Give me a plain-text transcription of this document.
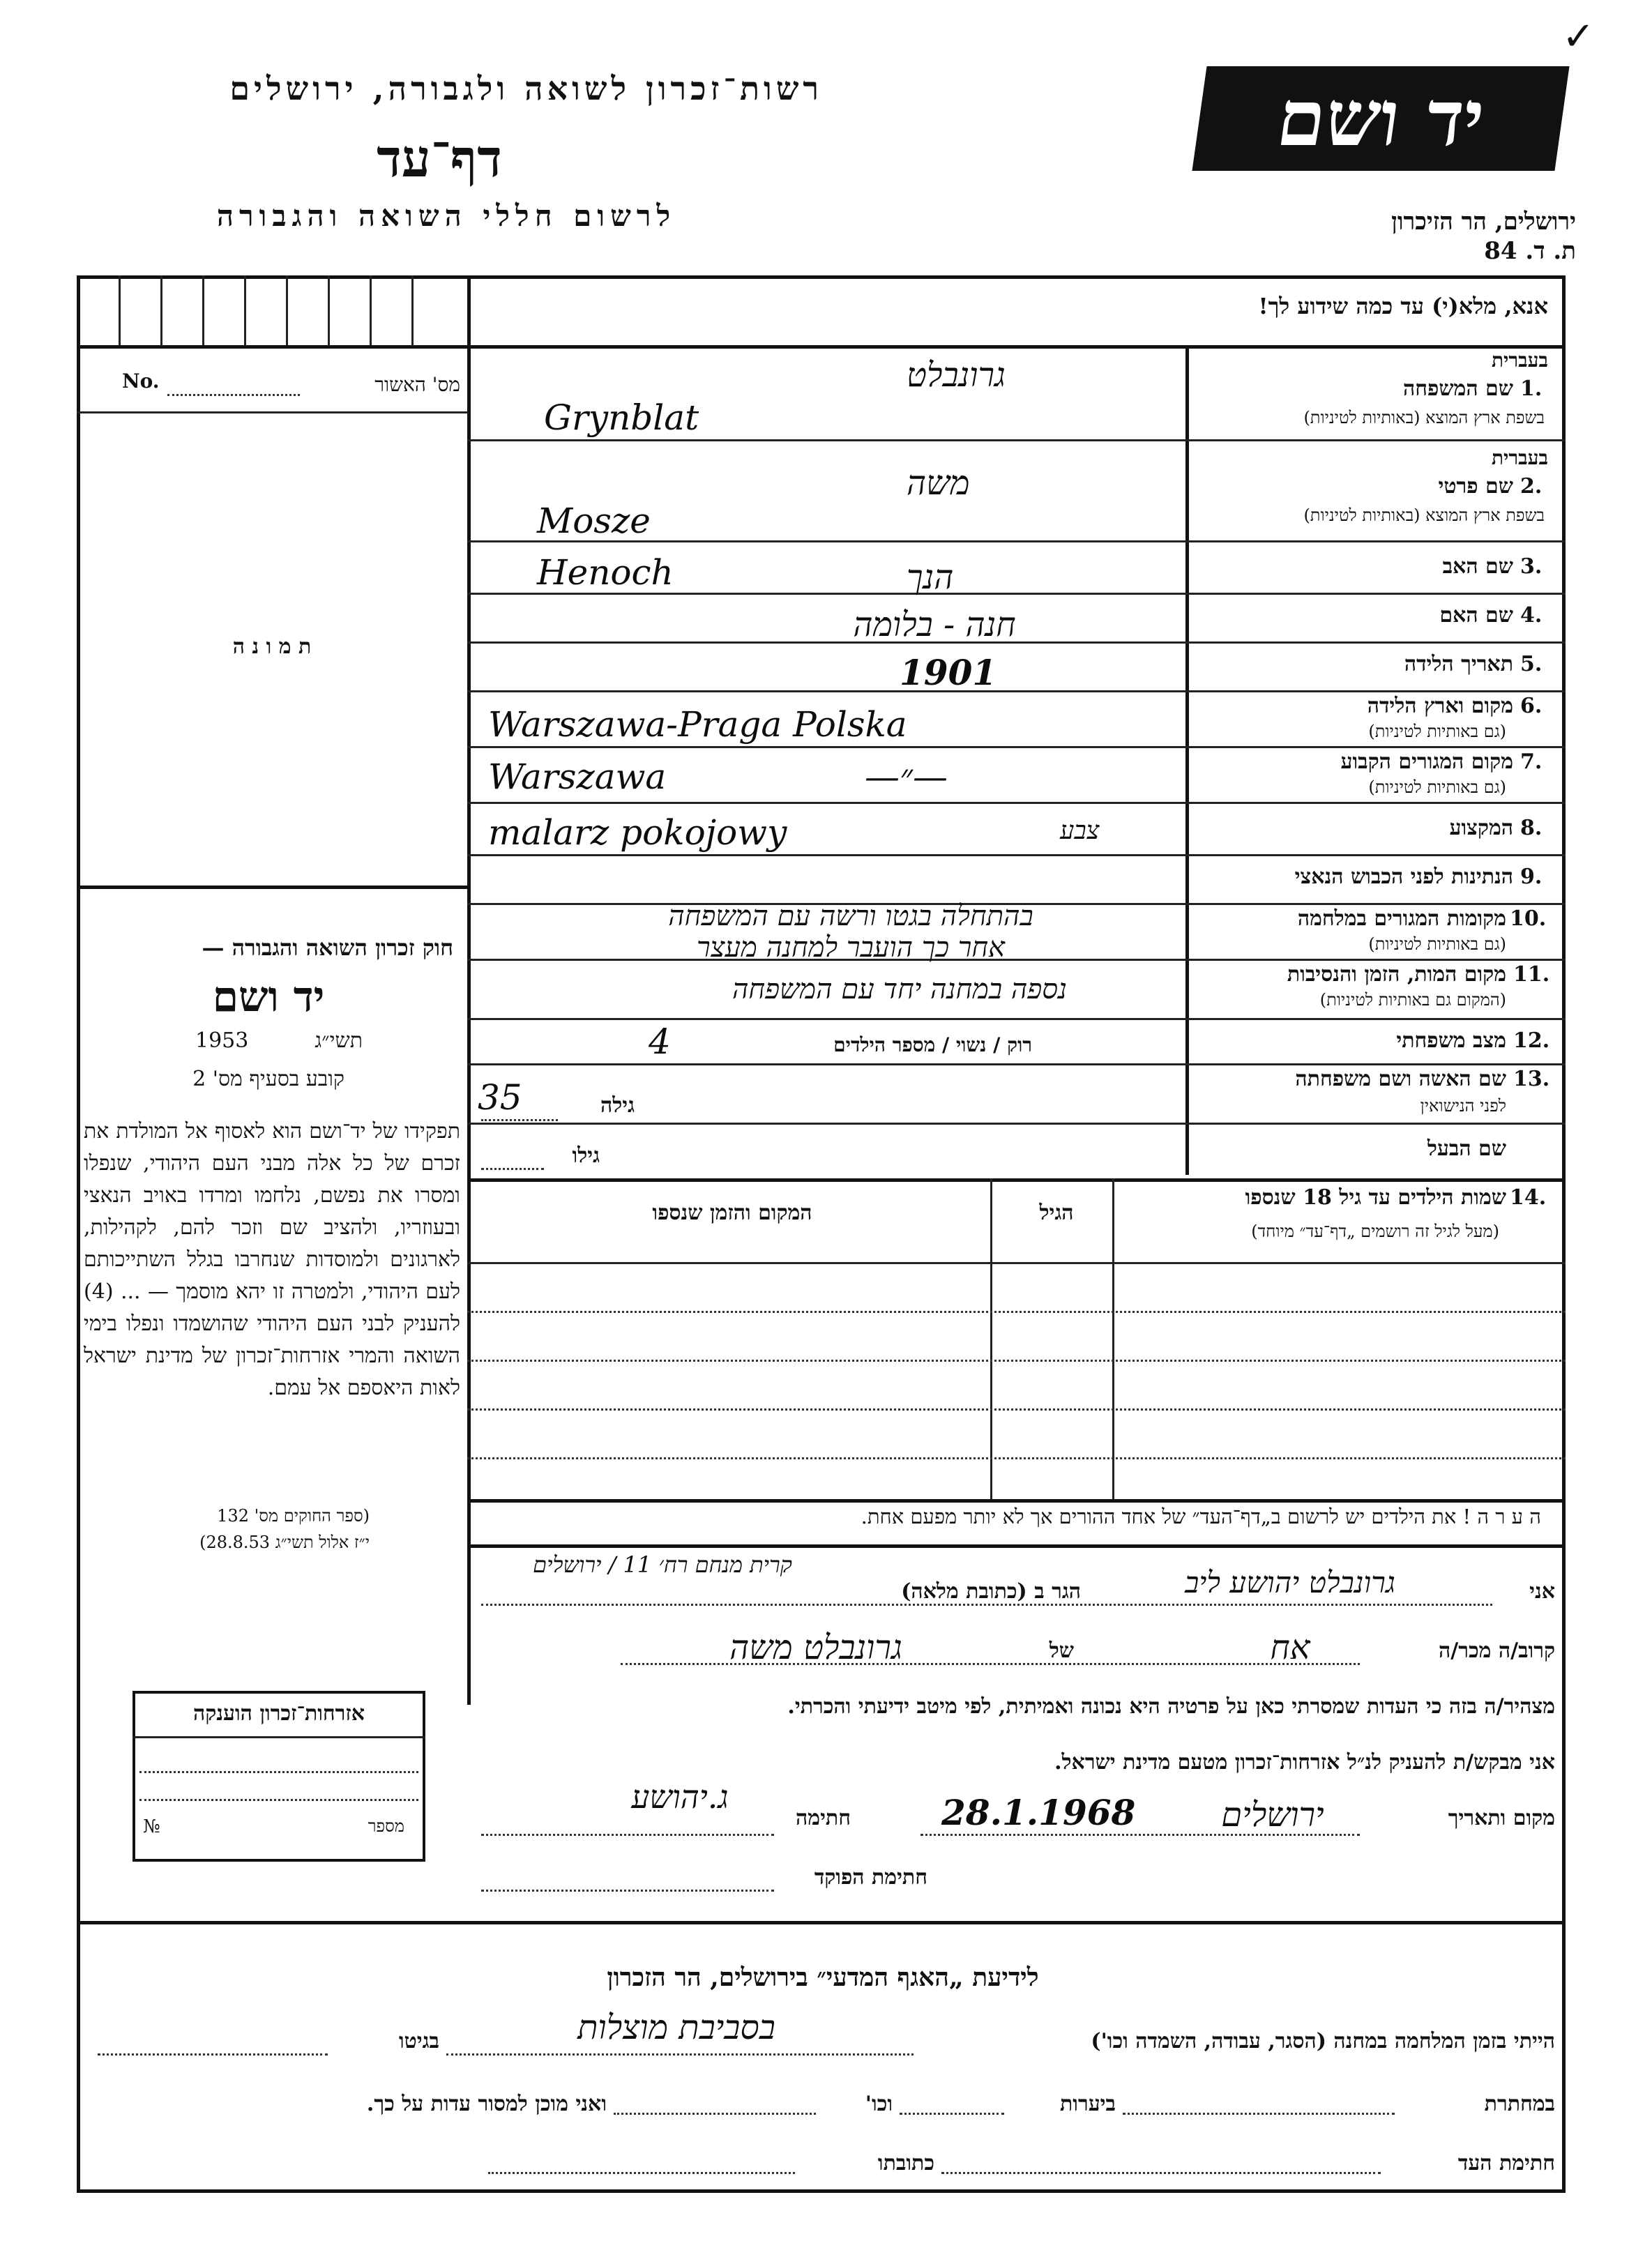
רשות־זכרון לשואה ולגבורה, ירושלים
דף־עד
לרשום חללי השואה והגבורה
יד ושם
ירושלים, הר הזיכרון
ת. ד. 84
✓
אנא, מלא(י) עד כמה שידוע לך!
מס' האשור
No.
ת מ ו נ ה
בעברית
1.
שם המשפחה
בשפת ארץ המוצא (באותיות לטיניות)
גרונבלט
Grynblat
בעברית
2.
שם פרטי
בשפת ארץ המוצא (באותיות לטיניות)
משה
Mosze
3.
שם האב
Henoch	הנך
4.
שם האם
חנה - בלומה
5.
תאריך הלידה
1901
6.
מקום וארץ הלידה
(גם באותיות לטיניות)
Warszawa-Praga Polska
7.
מקום המגורים הקבוע
(גם באותיות לטיניות)
Warszawa	—״—
8.
המקצוע
malarz pokojowy	צבע
9.
הנתינות לפני הכבוש הנאצי
10.
מקומות המגורים במלחמה
(גם באותיות לטיניות)
בהתחלה בגטו ורשה עם המשפחה
אחר כך הועבר למחנה מעצר
11.
מקום המות, הזמן והנסיבות
(המקום גם באותיות לטיניות)
נספה במחנה יחד עם המשפחה
12.
מצב משפחתי
רוק / נשוי / מספר הילדים
4
13.
שם האשה ושם משפחתה
לפני הנישואין
גילה
35
שם הבעל
גילו
14.
שמות הילדים עד גיל 18 שנספו
(מעל לגיל זה רושמים „דף־עד״ מיוחד)
הגיל
המקום והזמן שנספו
ה ע ר ה ! את הילדים יש לרשום ב„דף־העד״ של אחד ההורים אך לא יותר מפעם אחת.
חוק זכרון השואה והגבורה —
יד ושם
תשי״ג
1953
קובע בסעיף מס' 2
תפקידו של יד־ושם הוא לאסוף אל המולדת את זכרם של כל אלה מבני העם היהודי, שנפלו ומסרו את נפשם, נלחמו ומרדו באויב הנאצי ובעוזריו, ולהציב שם וזכר להם, לקהילות, לארגונים ולמוסדות שנחרבו בגלל השתייכותם לעם היהודי, ולמטרה זו יהא מוסמך — ... (4) להעניק לבני העם היהודי שהושמדו ונפלו בימי השואה והמרי אזרחות־זכרון של מדינת ישראל לאות היאספם אל עמם.
(ספר החוקים מס' 132
י״ז אלול תשי״ג 28.8.53)
אזרחות־זכרון הוענקה
מספר
№
אני
גרונבלט יהושע ליב
הגר ב (כתובת מלאה)
קרית מנחם רח׳ 11 / ירושלים
קרוב/ה מכר/ה
אח
של
גרונבלט משה
מצהיר/ה בזה כי העדות שמסרתי כאן על פרטיה היא נכונה ואמיתית, לפי מיטב ידיעתי והכרתי.
אני מבקש/ת להעניק לנ״ל אזרחות־זכרון מטעם מדינת ישראל.
מקום ותאריך
28.1.1968	ירושלים
חתימה
ג.יהושע
חתימת הפוקד
לידיעת „האגף המדעי״ בירושלים, הר הזכרון
הייתי בזמן המלחמה במחנה (הסגר, עבודה, השמדה וכו')
בסביבת מוצלות
בגיטו
במחתרת
ביערות
וכו'
ואני מוכן למסור עדות על כך.
חתימת העד
כתובתו
